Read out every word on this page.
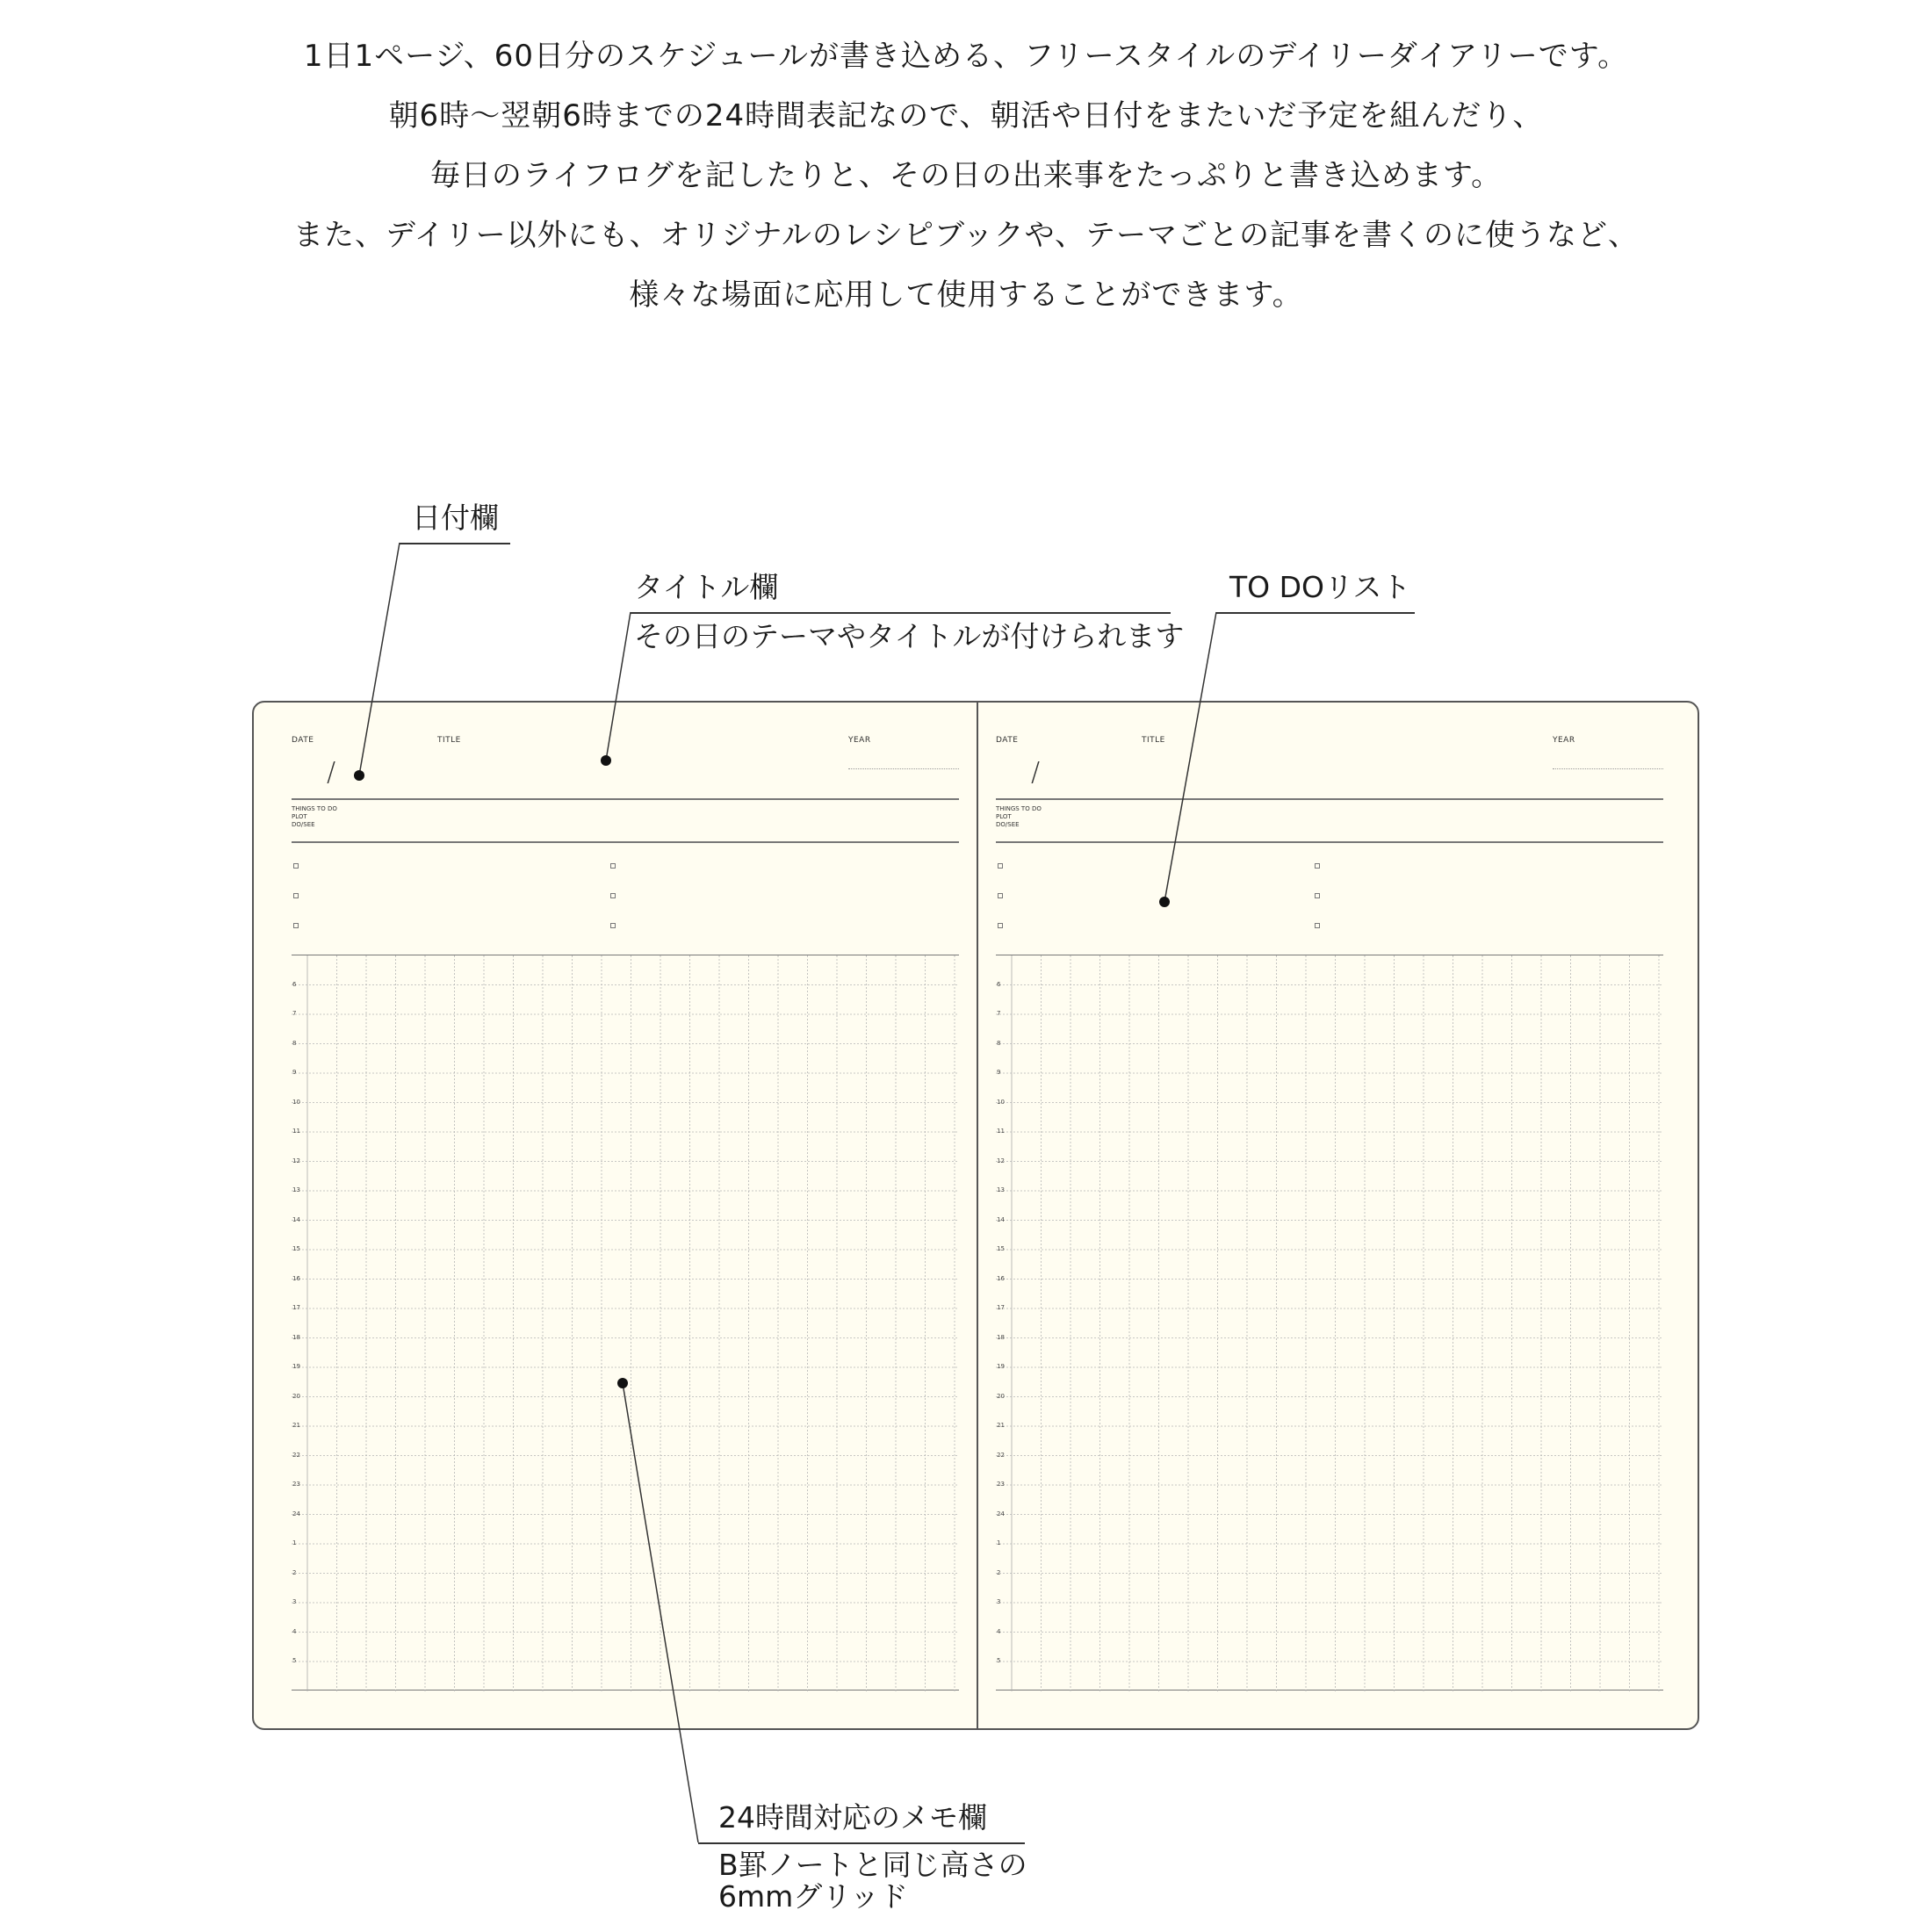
1日1ページ、60日分のスケジュールが書き込める、フリースタイルのデイリーダイアリーです。
朝6時〜翌朝6時までの24時間表記なので、朝活や日付をまたいだ予定を組んだり、
毎日のライフログを記したりと、その日の出来事をたっぷりと書き込めます。
また、デイリー以外にも、オリジナルのレシピブックや、テーマごとの記事を書くのに使うなど、
様々な場面に応用して使用することができます。
日付欄
タイトル欄
その日のテーマやタイトルが付けられます
TO DOリスト
24時間対応のメモ欄
B罫ノートと同じ高さの
6mmグリッド
DATE	TITLE	YEAR
/
THINGS TO DO
PLOT
DO/SEE
6
7
8
9
10
11
12
13
14
15
16
17
18
19
20
21
22
23
24
1
2
3
4
5
DATE	TITLE	YEAR
/
THINGS TO DO
PLOT
DO/SEE
6
7
8
9
10
11
12
13
14
15
16
17
18
19
20
21
22
23
24
1
2
3
4
5
